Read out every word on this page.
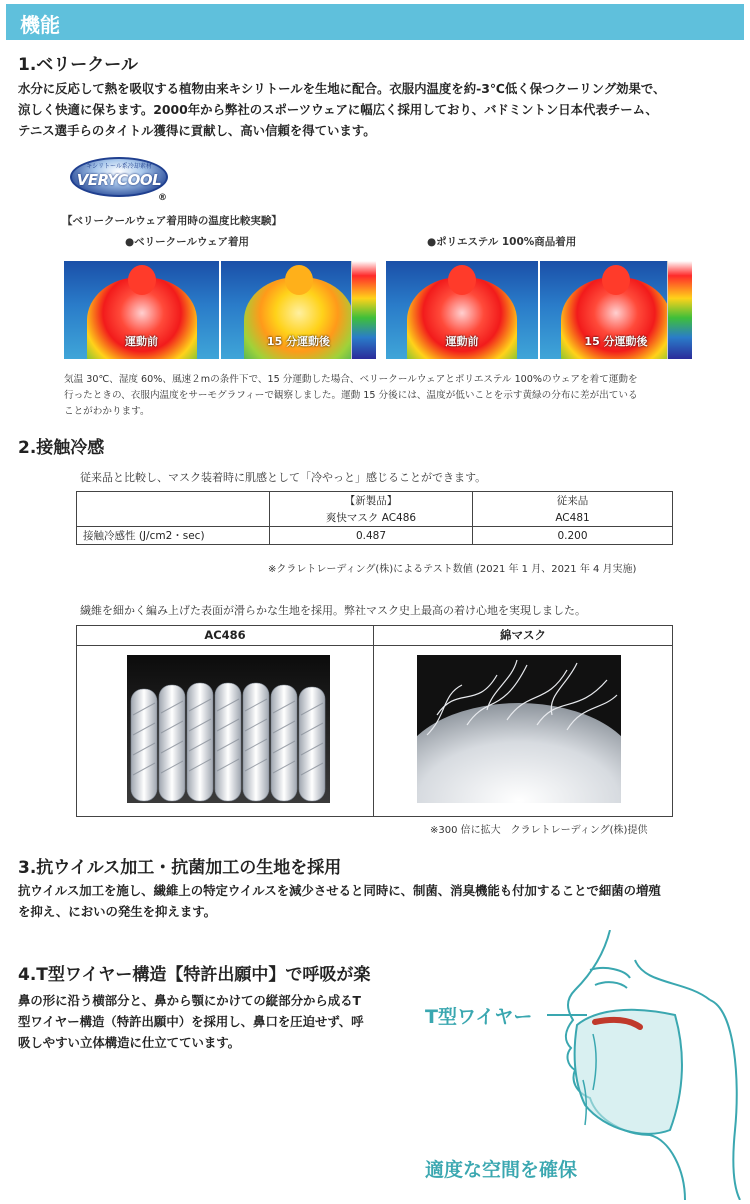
機能
1.ベリークール
水分に反応して熱を吸収する植物由来キシリトールを生地に配合。衣服内温度を約-3℃低く保つクーリング効果で、
涼しく快適に保ちます。2000年から弊社のスポーツウェアに幅広く採用しており、バドミントン日本代表チーム、
テニス選手らのタイトル獲得に貢献し、高い信頼を得ています。
キシリトール系冷却素材
VERYCOOL
®
【ベリークールウェア着用時の温度比較実験】
●ベリークールウェア着用	●ポリエステル 100%商品着用
運動前	15 分運動後	運動前	15 分運動後
気温 30℃、湿度 60%、風速２mの条件下で、15 分運動した場合、ベリークールウェアとポリエステル 100%のウェアを着て運動を
行ったときの、衣服内温度をサーモグラフィーで観察しました。運動 15 分後には、温度が低いことを示す黄緑の分布に差が出ている
ことがわかります。
2.接触冷感
従来品と比較し、マスク装着時に肌感として「冷やっと」感じることができます。
	【新製品】	従来品
	爽快マスク AC486	AC481
接触冷感性 (J/cm2・sec)	0.487	0.200
※クラレトレーディング(株)によるテスト数値 (2021 年 1 月、2021 年 4 月実施)
繊維を細かく編み上げた表面が滑らかな生地を採用。弊社マスク史上最高の着け心地を実現しました。
AC486	綿マスク
※300 倍に拡大　クラレトレーディング(株)提供
3.抗ウイルス加工・抗菌加工の生地を採用
抗ウイルス加工を施し、繊維上の特定ウイルスを減少させると同時に、制菌、消臭機能も付加することで細菌の増殖
を抑え、においの発生を抑えます。
4.T型ワイヤー構造【特許出願中】で呼吸が楽
鼻の形に沿う横部分と、鼻から顎にかけての縦部分から成るT
型ワイヤー構造（特許出願中）を採用し、鼻口を圧迫せず、呼
吸しやすい立体構造に仕立てています。
T型ワイヤー
適度な空間を確保
